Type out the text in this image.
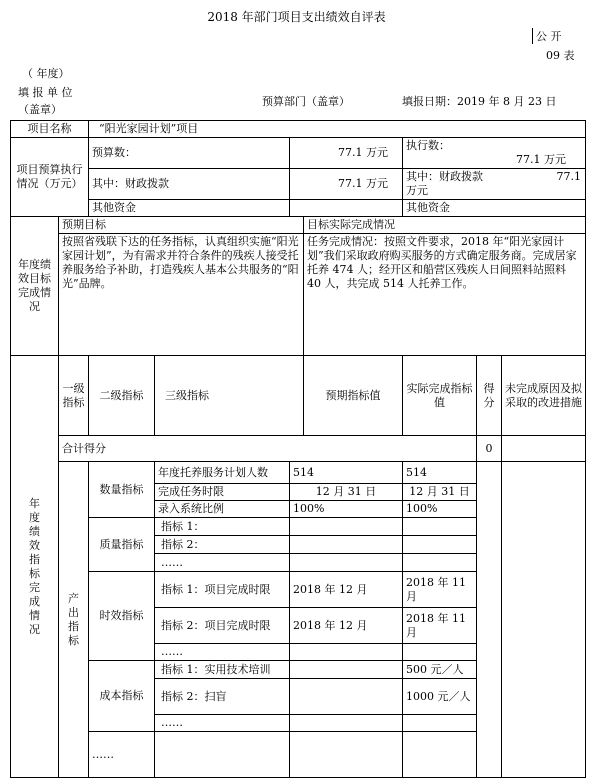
2018 年部门项目支出绩效自评表
公 开
09 表
（ 年度）
填 报 单 位
（盖章）
预算部门（盖章）	填报日期：2019 年 8 月 23 日
项目名称		“阳光家园计划”项目						
项目预算执行情况（万元）		预算数：		77.1 万元		执行数： 77.1 万元		
		其中：财政拨款		77.1 万元		其中：财政拨款 77.1 万元		
		其他资金				其他资金		
年度绩效目标完成情况	预期目标				目标实际完成情况			
	按照省残联下达的任务指标，认真组织实施“阳光家园计划”，为有需求并符合条件的残疾人接受托养服务给予补助，打造残疾人基本公共服务的“阳光”品牌。				任务完成情况：按照文件要求，2018 年“阳光家园计划”我们采取政府购买服务的方式确定服务商。完成居家托养 474 人；经开区和船营区残疾人日间照料站照料 40 人，共完成 514 人托养工作。			
年度绩效指标完成情况	一级指标	二级指标	三级指标		预期指标值	实际完成指标值	得分	未完成原因及拟采取的改进措施
	合计得分						0	
	产出指标	数量指标	年度托养服务计划人数	514		514		
			完成任务时限	12 月 31 日		12 月 31 日		
			录入系统比例	100%		100%		
		质量指标	指标 1：					
			指标 2：					
			……					
		时效指标	指标 1：项目完成时限	2018 年 12 月		2018 年 11 月		
			指标 2：项目完成时限	2018 年 12 月		2018 年 11 月		
			……					
		成本指标	指标 1：实用技术培训			500 元／人		
			指标 2：扫盲			1000 元／人		
			……					
		……						
